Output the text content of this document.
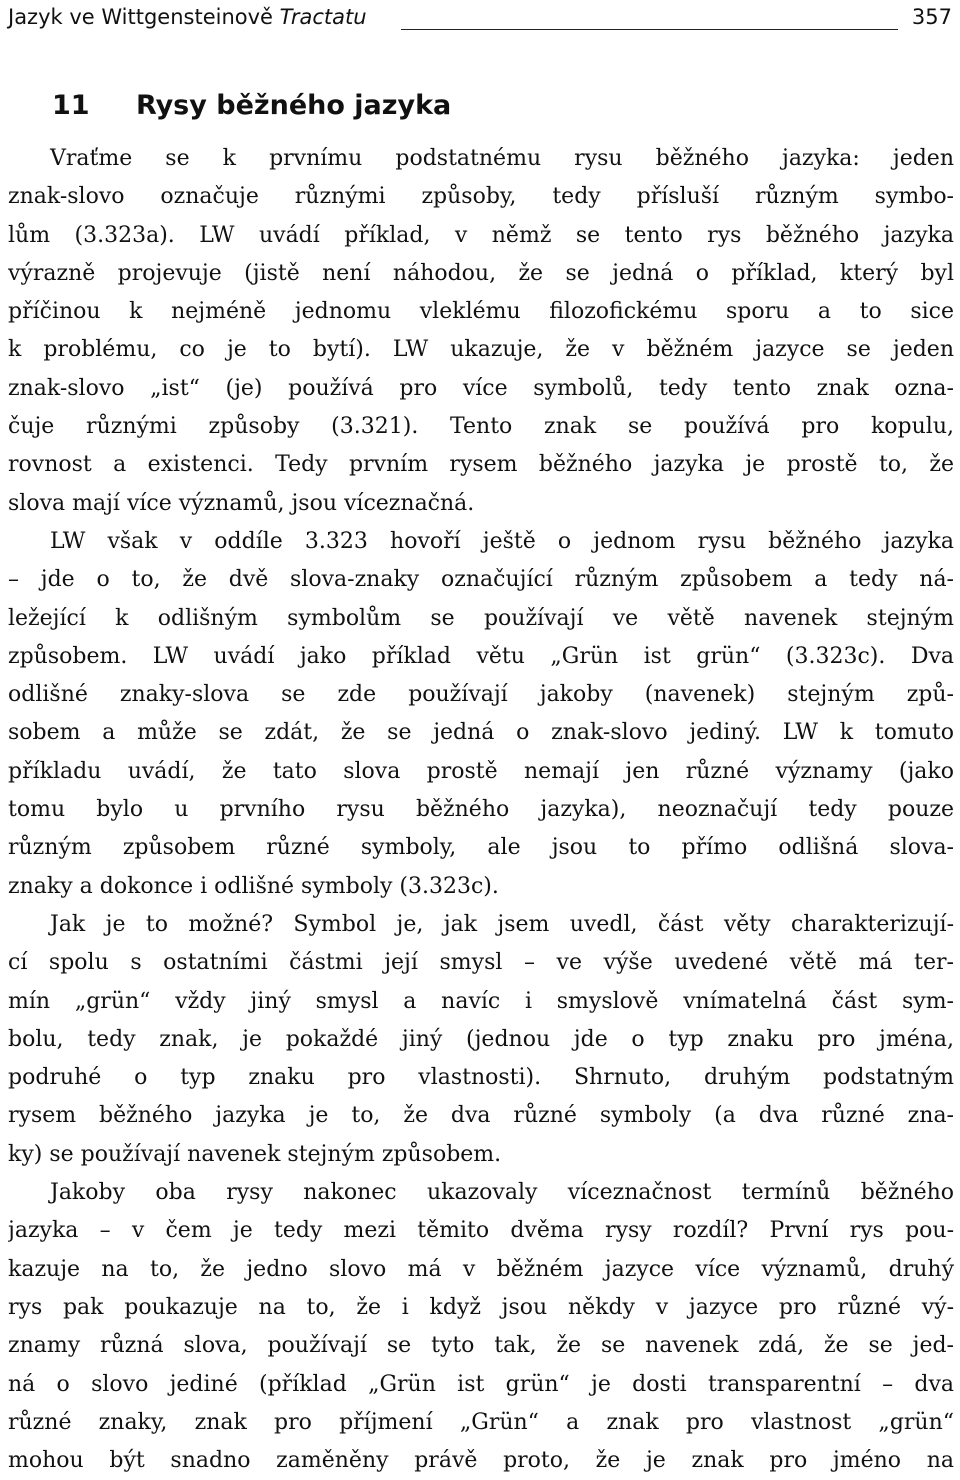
Jazyk ve Wittgensteinově Tractatu	357
11 Rysy běžného jazyka
Vraťme se k prvnímu podstatnému rysu běžného jazyka: jeden
znak-slovo označuje různými způsoby, tedy přísluší různým symbo-
lům (3.323a). LW uvádí příklad, v němž se tento rys běžného jazyka
výrazně projevuje (jistě není náhodou, že se jedná o příklad, který byl
příčinou k nejméně jednomu vleklému filozofickému sporu a to sice
k problému, co je to bytí). LW ukazuje, že v běžném jazyce se jeden
znak-slovo „ist“ (je) používá pro více symbolů, tedy tento znak ozna-
čuje různými způsoby (3.321). Tento znak se používá pro kopulu,
rovnost a existenci. Tedy prvním rysem běžného jazyka je prostě to, že
slova mají více významů, jsou víceznačná.
LW však v oddíle 3.323 hovoří ještě o jednom rysu běžného jazyka
– jde o to, že dvě slova-znaky označující různým způsobem a tedy ná-
ležející k odlišným symbolům se používají ve větě navenek stejným
způsobem. LW uvádí jako příklad větu „Grün ist grün“ (3.323c). Dva
odlišné znaky-slova se zde používají jakoby (navenek) stejným způ-
sobem a může se zdát, že se jedná o znak-slovo jediný. LW k tomuto
příkladu uvádí, že tato slova prostě nemají jen různé významy (jako
tomu bylo u prvního rysu běžného jazyka), neoznačují tedy pouze
různým způsobem různé symboly, ale jsou to přímo odlišná slova-
znaky a dokonce i odlišné symboly (3.323c).
Jak je to možné? Symbol je, jak jsem uvedl, část věty charakterizují-
cí spolu s ostatními částmi její smysl – ve výše uvedené větě má ter-
mín „grün“ vždy jiný smysl a navíc i smyslově vnímatelná část sym-
bolu, tedy znak, je pokaždé jiný (jednou jde o typ znaku pro jména,
podruhé o typ znaku pro vlastnosti). Shrnuto, druhým podstatným
rysem běžného jazyka je to, že dva různé symboly (a dva různé zna-
ky) se používají navenek stejným způsobem.
Jakoby oba rysy nakonec ukazovaly víceznačnost termínů běžného
jazyka – v čem je tedy mezi těmito dvěma rysy rozdíl? První rys pou-
kazuje na to, že jedno slovo má v běžném jazyce více významů, druhý
rys pak poukazuje na to, že i když jsou někdy v jazyce pro různé vý-
znamy různá slova, používají se tyto tak, že se navenek zdá, že se jed-
ná o slovo jediné (příklad „Grün ist grün“ je dosti transparentní – dva
různé znaky, znak pro příjmení „Grün“ a znak pro vlastnost „grün“
mohou být snadno zaměněny právě proto, že je znak pro jméno na
